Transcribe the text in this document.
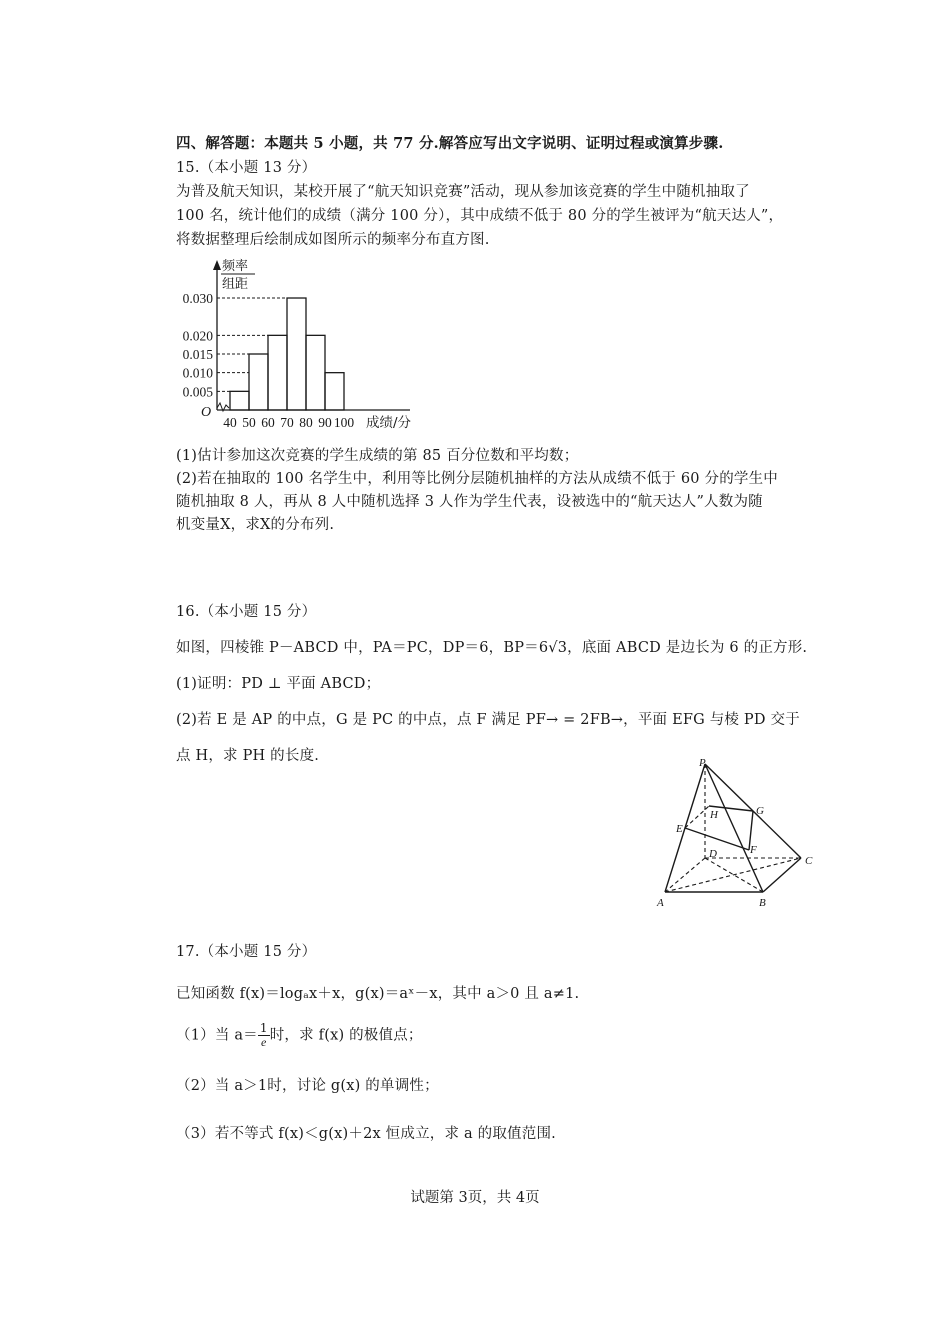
四、解答题：本题共 5 小题，共 77 分.解答应写出文字说明、证明过程或演算步骤.
15.（本小题 13 分）
为普及航天知识，某校开展了“航天知识竞赛”活动，现从参加该竞赛的学生中随机抽取了
100 名，统计他们的成绩（满分 100 分），其中成绩不低于 80 分的学生被评为“航天达人”，
将数据整理后绘制成如图所示的频率分布直方图.
频率
组距
O
0.030
0.020
0.015
0.010
0.005
40 50 60 70 80 90 100 成绩/分
(1)估计参加这次竞赛的学生成绩的第 85 百分位数和平均数；
(2)若在抽取的 100 名学生中，利用等比例分层随机抽样的方法从成绩不低于 60 分的学生中
随机抽取 8 人，再从 8 人中随机选择 3 人作为学生代表，设被选中的“航天达人”人数为随
机变量X，求X的分布列.
16.（本小题 15 分）
如图，四棱锥 P－ABCD 中，PA＝PC，DP＝6，BP＝6√3，底面 ABCD 是边长为 6 的正方形.
(1)证明：PD ⊥ 平面 ABCD；
(2)若 E 是 AP 的中点，G 是 PC 的中点，点 F 满足 PF→ = 2FB→，平面 EFG 与棱 PD 交于
点 H，求 PH 的长度.	P
A	B
C
D
E
F
G
H
17.（本小题 15 分）
已知函数 f(x)＝logₐx＋x，g(x)＝aˣ－x，其中 a＞0 且 a≠1.
（1）当 $a= \frac{1}{e}$ 时，求 f(x) 的极值点；
（2）当 a＞1时，讨论 g(x) 的单调性；
（3）若不等式 f(x)＜g(x)＋2x 恒成立，求 a 的取值范围.
试题第 3页，共 4页
